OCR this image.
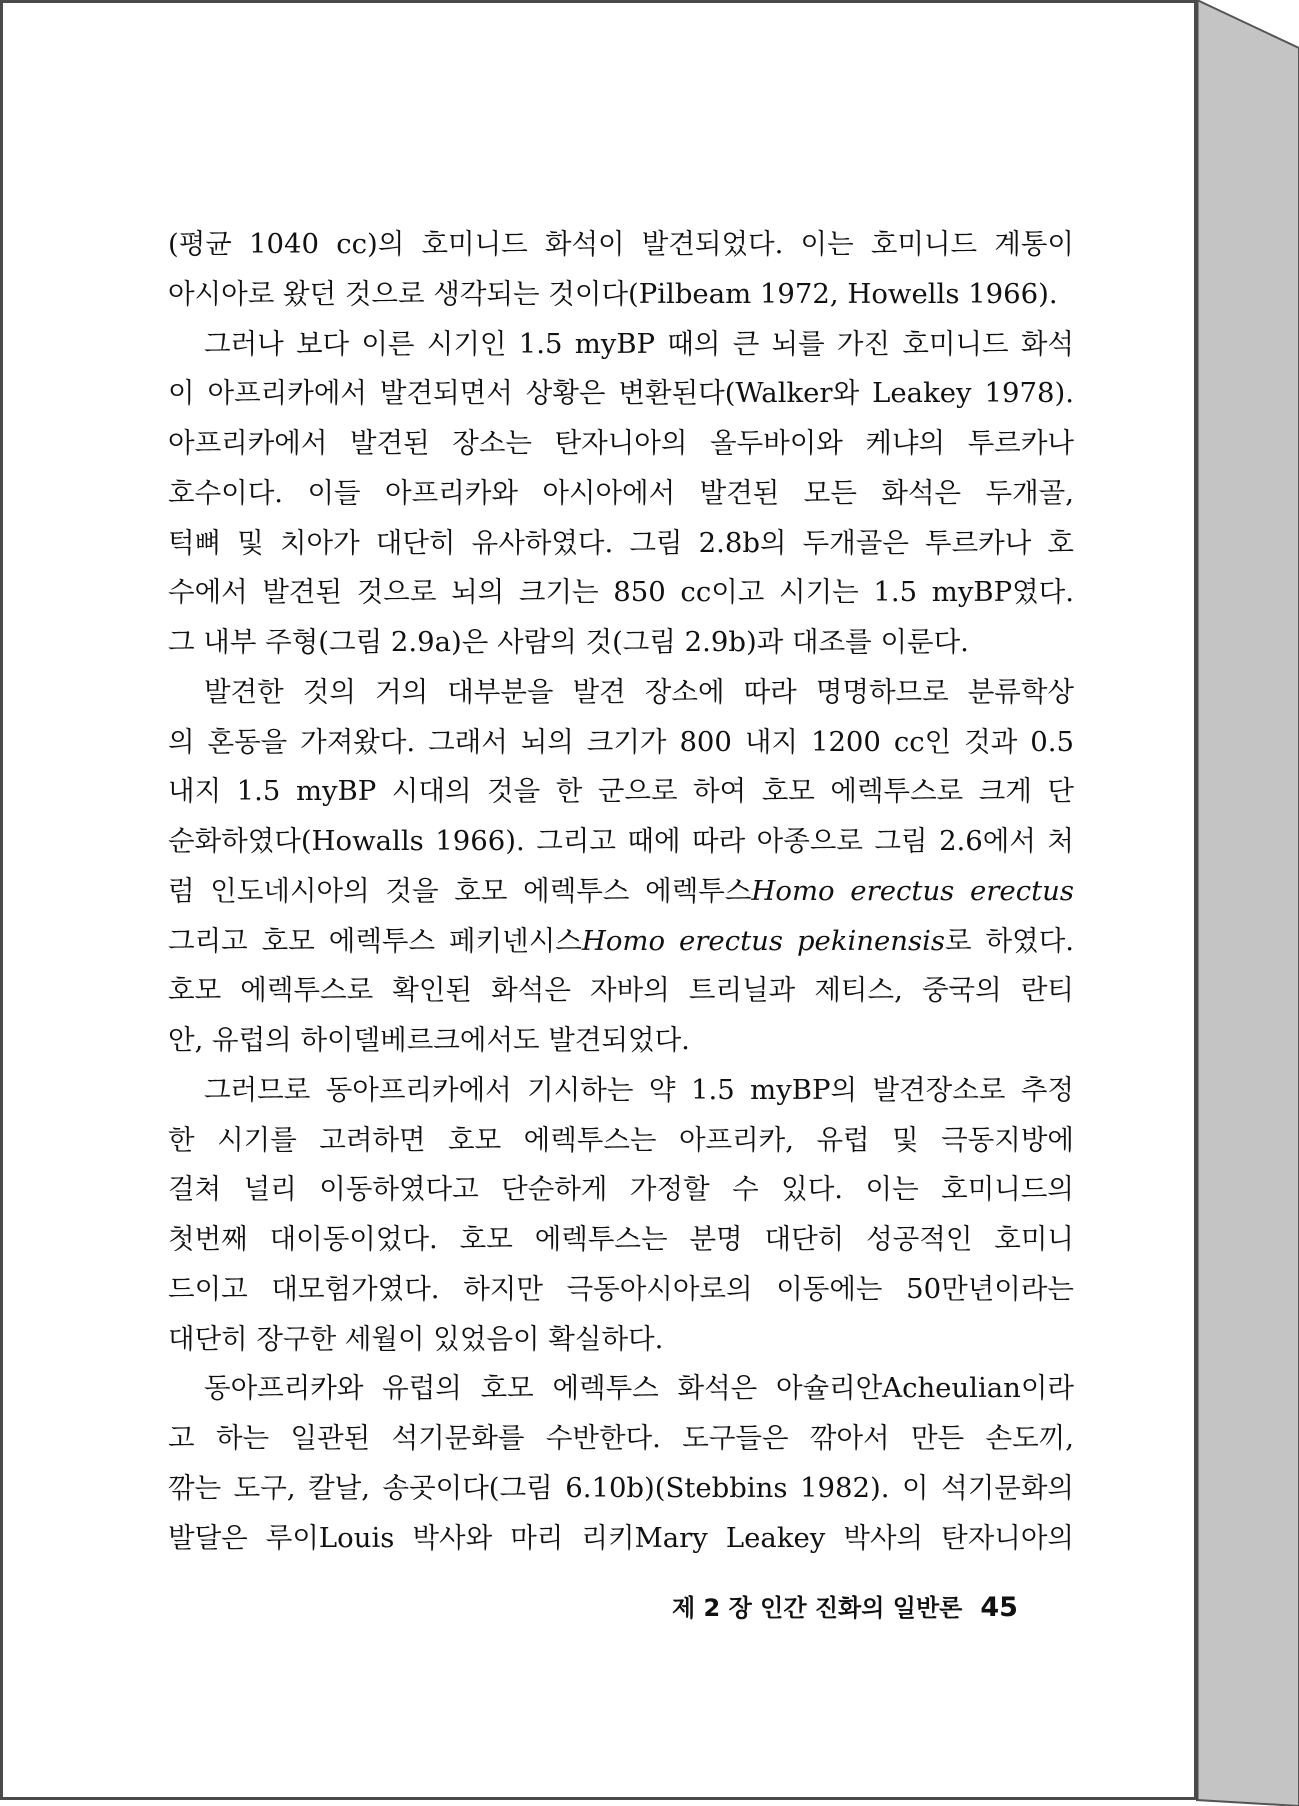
(평균 1040 cc)의 호미니드 화석이 발견되었다. 이는 호미니드 계통이
아시아로 왔던 것으로 생각되는 것이다(Pilbeam 1972, Howells 1966).
그러나 보다 이른 시기인 1.5 myBP 때의 큰 뇌를 가진 호미니드 화석
이 아프리카에서 발견되면서 상황은 변환된다(Walker와 Leakey 1978).
아프리카에서 발견된 장소는 탄자니아의 올두바이와 케냐의 투르카나
호수이다. 이들 아프리카와 아시아에서 발견된 모든 화석은 두개골,
턱뼈 및 치아가 대단히 유사하였다. 그림 2.8b의 두개골은 투르카나 호
수에서 발견된 것으로 뇌의 크기는 850 cc이고 시기는 1.5 myBP였다.
그 내부 주형(그림 2.9a)은 사람의 것(그림 2.9b)과 대조를 이룬다.
발견한 것의 거의 대부분을 발견 장소에 따라 명명하므로 분류학상
의 혼동을 가져왔다. 그래서 뇌의 크기가 800 내지 1200 cc인 것과 0.5
내지 1.5 myBP 시대의 것을 한 군으로 하여 호모 에렉투스로 크게 단
순화하였다(Howalls 1966). 그리고 때에 따라 아종으로 그림 2.6에서 처
럼 인도네시아의 것을 호모 에렉투스 에렉투스Homo erectus erectus
그리고 호모 에렉투스 페키넨시스Homo erectus pekinensis로 하였다.
호모 에렉투스로 확인된 화석은 자바의 트리닐과 제티스, 중국의 란티
안, 유럽의 하이델베르크에서도 발견되었다.
그러므로 동아프리카에서 기시하는 약 1.5 myBP의 발견장소로 추정
한 시기를 고려하면 호모 에렉투스는 아프리카, 유럽 및 극동지방에
걸쳐 널리 이동하였다고 단순하게 가정할 수 있다. 이는 호미니드의
첫번째 대이동이었다. 호모 에렉투스는 분명 대단히 성공적인 호미니
드이고 대모험가였다. 하지만 극동아시아로의 이동에는 50만년이라는
대단히 장구한 세월이 있었음이 확실하다.
동아프리카와 유럽의 호모 에렉투스 화석은 아슐리안Acheulian이라
고 하는 일관된 석기문화를 수반한다. 도구들은 깎아서 만든 손도끼,
깎는 도구, 칼날, 송곳이다(그림 6.10b)(Stebbins 1982). 이 석기문화의
발달은 루이Louis 박사와 마리 리키Mary Leakey 박사의 탄자니아의
제 2 장 인간 진화의 일반론 45
